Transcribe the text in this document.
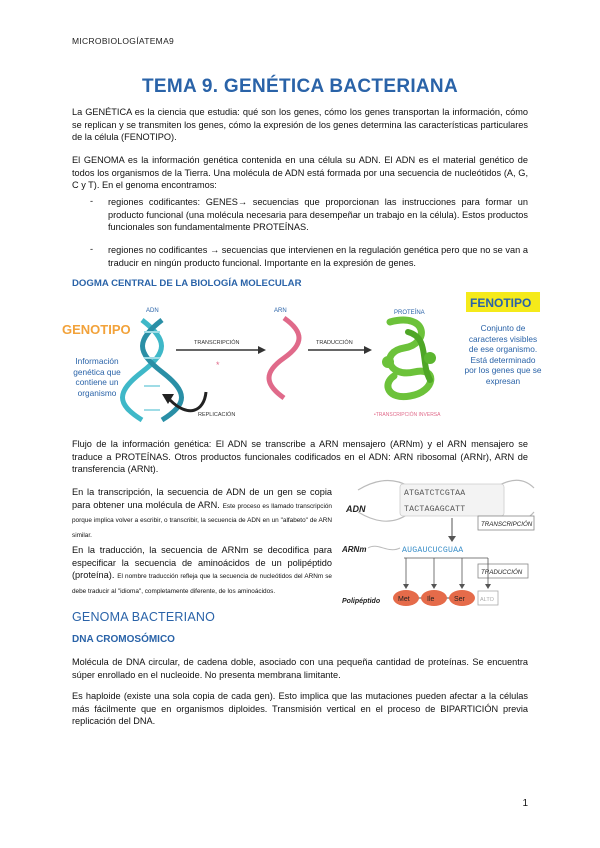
MICROBIOLOGÍATEMA9
TEMA 9. GENÉTICA BACTERIANA

La GENÉTICA es la ciencia que estudia: qué son los genes, cómo los genes transportan la información, cómo se replican y se transmiten los genes, cómo la expresión de los genes determina las características particulares de la célula (FENOTIPO).

El GENOMA es la información genética contenida en una célula su ADN. El ADN es el material genético de todos los organismos de la Tierra. Una molécula de ADN está formada por una secuencia de nucleótidos (A, G, C y T). En el genoma encontramos:

- regiones codificantes: GENES→ secuencias que proporcionan las instrucciones para formar un producto funcional (una molécula necesaria para desempeñar un trabajo en la célula). Estos productos funcionales son fundamentalmente PROTEÍNAS.

- regiones no codificantes → secuencias que intervienen en la regulación genética pero que no se van a traducir en ningún producto funcional. Importante en la expresión de genes.

DOGMA CENTRAL DE LA BIOLOGÍA MOLECULAR
GENOTIPO
ADN
TRANSCRIPCIÓN
*
REPLICACIÓN
ARN
TRADUCCIÓN
PROTEÍNA
•TRANSCRIPCIÓN INVERSA
FENOTIPO
Información genética que contiene un organismo
Conjunto de caracteres visibles de ese organismo. Está determinado por los genes que se expresan

Flujo de la información genética: El ADN se transcribe a ARN mensajero (ARNm) y el ARN mensajero se traduce a PROTEÍNAS. Otros productos funcionales codificados en el ADN: ARN ribosomal (ARNr), ARN de transferencia (ARNt).

En la transcripción, la secuencia de ADN de un gen se copia para obtener una molécula de ARN. Este proceso es llamado transcripción porque implica volver a escribir, o transcribir, la secuencia de ADN en un "alfabeto" de ARN similar.

En la traducción, la secuencia de ARNm se decodifica para especificar la secuencia de aminoácidos de un polipéptido (proteína). El nombre traducción refleja que la secuencia de nucleótidos del ARNm se debe traducir al "idioma", completamente diferente, de los aminoácidos.

ATGATCTCGTAA
TACTAGAGCATT
ADN
TRANSCRIPCIÓN
ARNm	AUGAUCUCGUAA
TRADUCCIÓN
Polipéptido	Met Ile	Ser	ALTO
GENOMA BACTERIANO
DNA CROMOSÓMICO

Molécula de DNA circular, de cadena doble, asociado con una pequeña cantidad de proteínas. Se encuentra súper enrollado en el nucleoide. No presenta membrana limitante.

Es haploide (existe una sola copia de cada gen). Esto implica que las mutaciones pueden afectar a la células más fácilmente que en organismos diploides. Transmisión vertical en el proceso de BIPARTICIÓN previa replicación del DNA.

1
